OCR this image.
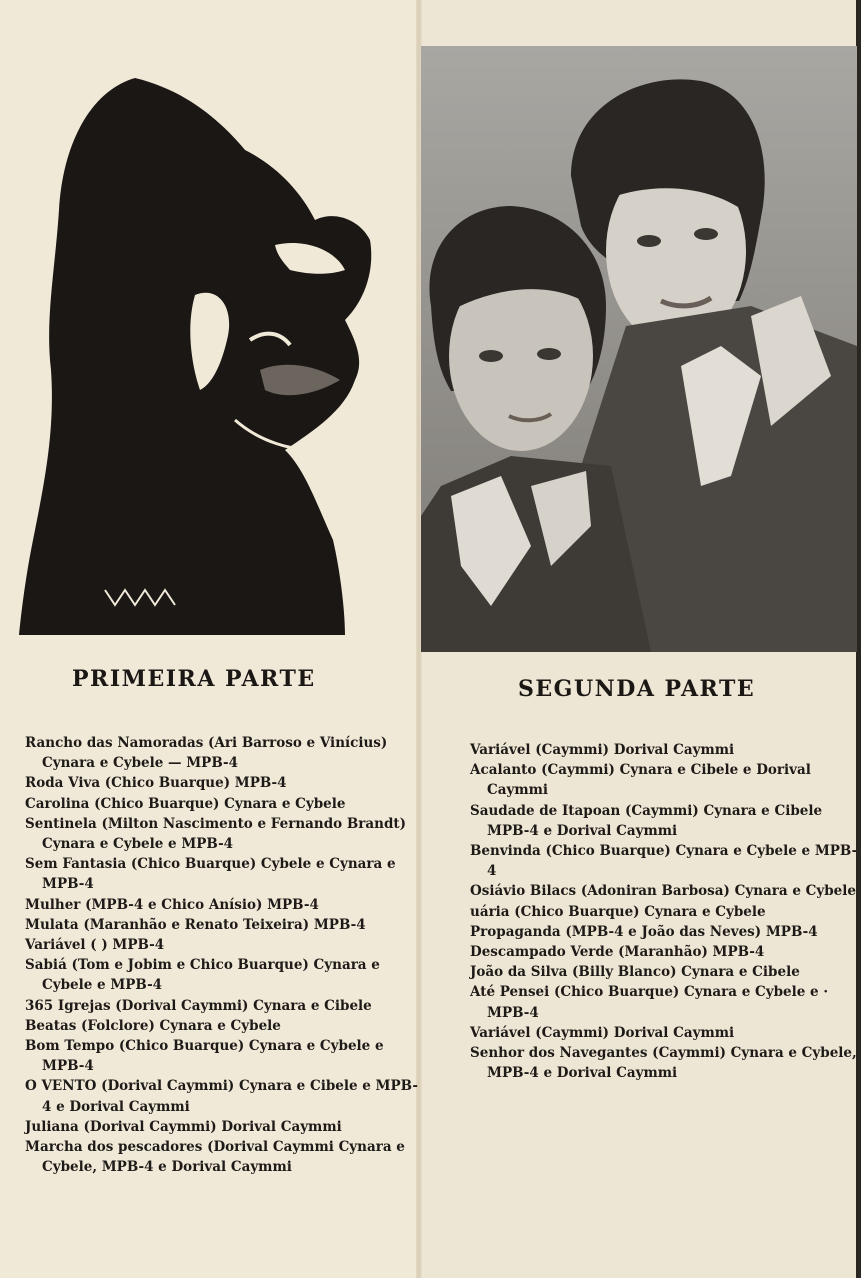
PRIMEIRA PARTE	SEGUNDA PARTE
Rancho das Namoradas (Ari Barroso e Vinícius) Cynara e Cybele — MPB-4
Roda Viva (Chico Buarque) MPB-4
Carolina (Chico Buarque) Cynara e Cybele
Sentinela (Milton Nascimento e Fernando Brandt) Cynara e Cybele e MPB-4
Sem Fantasia (Chico Buarque) Cybele e Cynara e MPB-4
Mulher (MPB-4 e Chico Anísio) MPB-4
Mulata (Maranhão e Renato Teixeira) MPB-4
Variável ( ) MPB-4
Sabiá (Tom e Jobim e Chico Buarque) Cynara e Cybele e MPB-4
365 Igrejas (Dorival Caymmi) Cynara e Cibele
Beatas (Folclore) Cynara e Cybele
Bom Tempo (Chico Buarque) Cynara e Cybele e MPB-4
O VENTO (Dorival Caymmi) Cynara e Cibele e MPB-4 e Dorival Caymmi
Juliana (Dorival Caymmi) Dorival Caymmi
Marcha dos pescadores (Dorival Caymmi Cynara e Cybele, MPB-4 e Dorival Caymmi
Variável (Caymmi) Dorival Caymmi
Acalanto (Caymmi) Cynara e Cibele e Dorival Caymmi
Saudade de Itapoan (Caymmi) Cynara e Cibele MPB-4 e Dorival Caymmi
Benvinda (Chico Buarque) Cynara e Cybele e MPB-4
Osiávio Bilacs (Adoniran Barbosa) Cynara e Cybele
uária (Chico Buarque) Cynara e Cybele
Propaganda (MPB-4 e João das Neves) MPB-4
Descampado Verde (Maranhão) MPB-4
João da Silva (Billy Blanco) Cynara e Cibele
Até Pensei (Chico Buarque) Cynara e Cybele e · MPB-4
Variável (Caymmi) Dorival Caymmi
Senhor dos Navegantes (Caymmi) Cynara e Cybele, MPB-4 e Dorival Caymmi
